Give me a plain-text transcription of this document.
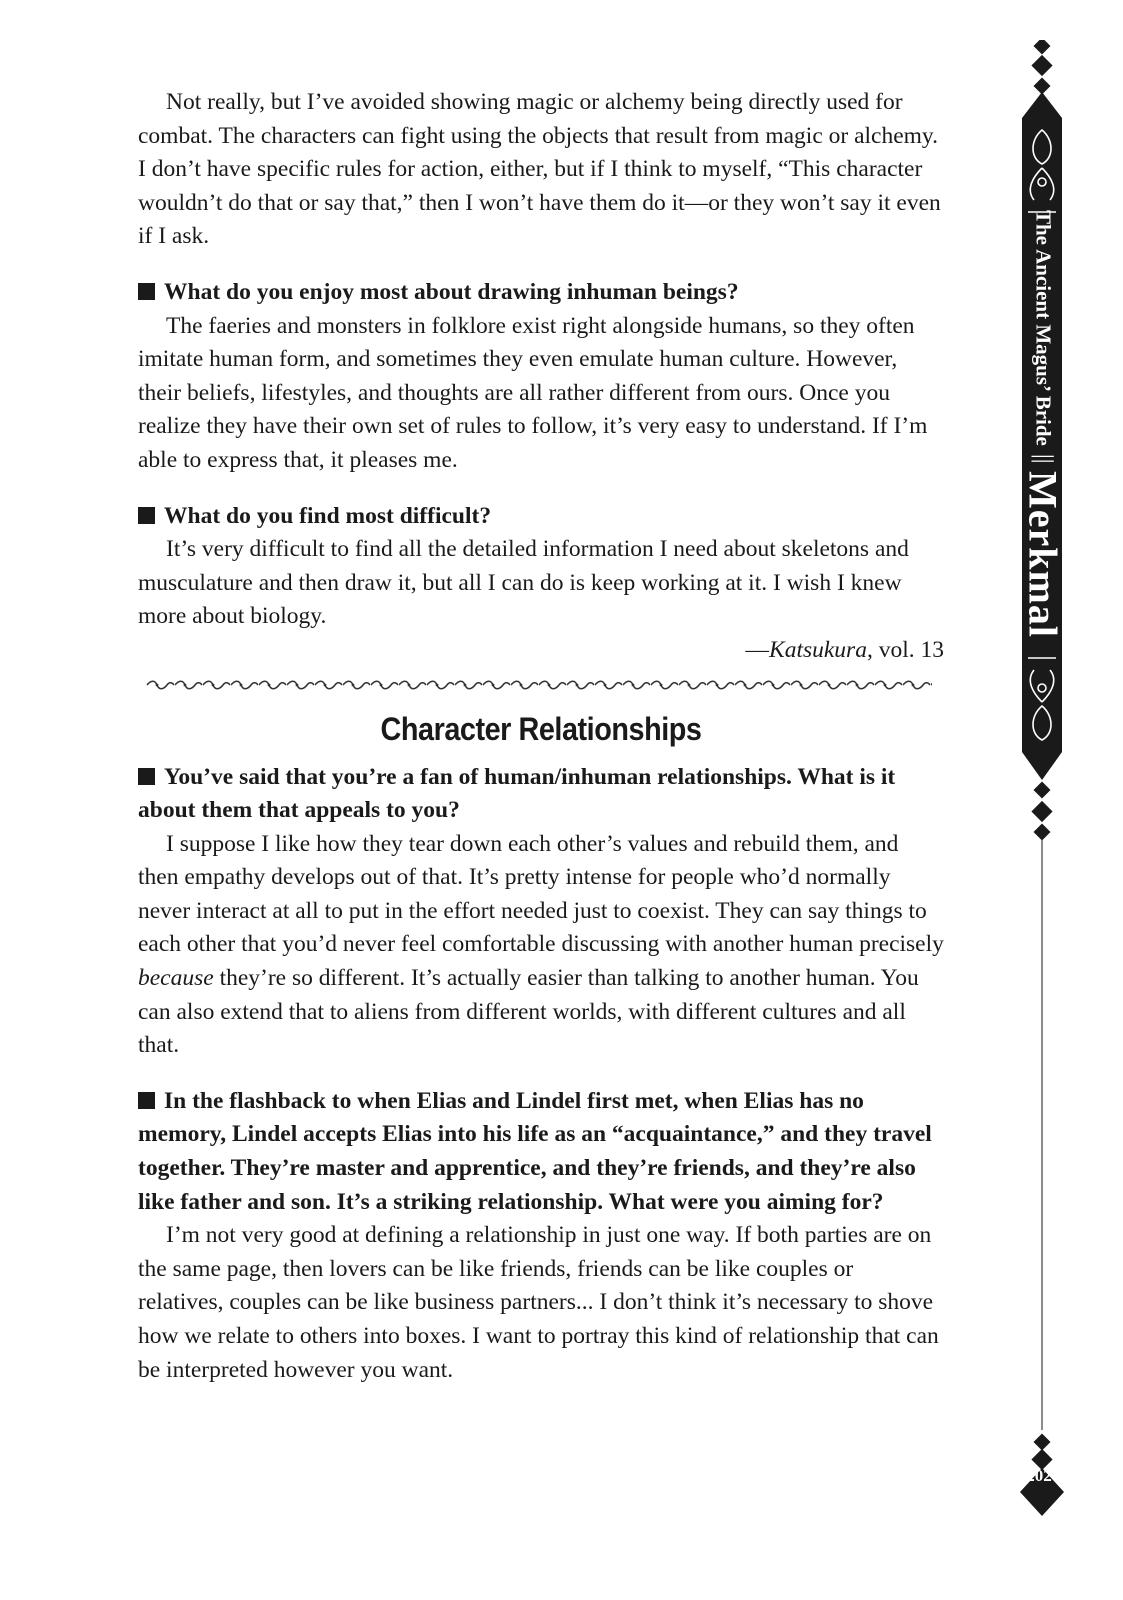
Not really, but I’ve avoided showing magic or alchemy being directly used for combat. The characters can fight using the objects that result from magic or alchemy. I don’t have specific rules for action, either, but if I think to myself, “This character wouldn’t do that or say that,” then I won’t have them do it—or they won’t say it even if I ask.

What do you enjoy most about drawing inhuman beings?

The faeries and monsters in folklore exist right alongside humans, so they often imitate human form, and sometimes they even emulate human culture. However, their beliefs, lifestyles, and thoughts are all rather different from ours. Once you realize they have their own set of rules to follow, it’s very easy to understand. If I’m able to express that, it pleases me.

What do you find most difficult?

It’s very difficult to find all the detailed information I need about skeletons and musculature and then draw it, but all I can do is keep working at it. I wish I knew more about biology.

—Katsukura, vol. 13

Character Relationships

You’ve said that you’re a fan of human/inhuman relationships. What is it about them that appeals to you?

I suppose I like how they tear down each other’s values and rebuild them, and then empathy develops out of that. It’s pretty intense for people who’d normally never interact at all to put in the effort needed just to coexist. They can say things to each other that you’d never feel comfortable discussing with another human precisely because they’re so different. It’s actually easier than talking to another human. You can also extend that to aliens from different worlds, with different cultures and all that.

In the flashback to when Elias and Lindel first met, when Elias has no memory, Lindel accepts Elias into his life as an “acquaintance,” and they travel together. They’re master and apprentice, and they’re friends, and they’re also like father and son. It’s a striking relationship. What were you aiming for?

I’m not very good at defining a relationship in just one way. If both parties are on the same page, then lovers can be like friends, friends can be like couples or relatives, couples can be like business partners... I don’t think it’s necessary to shove how we relate to others into boxes. I want to portray this kind of relationship that can be interpreted however you want.

The Ancient Magus’ Bride
||
Merkmal
202
